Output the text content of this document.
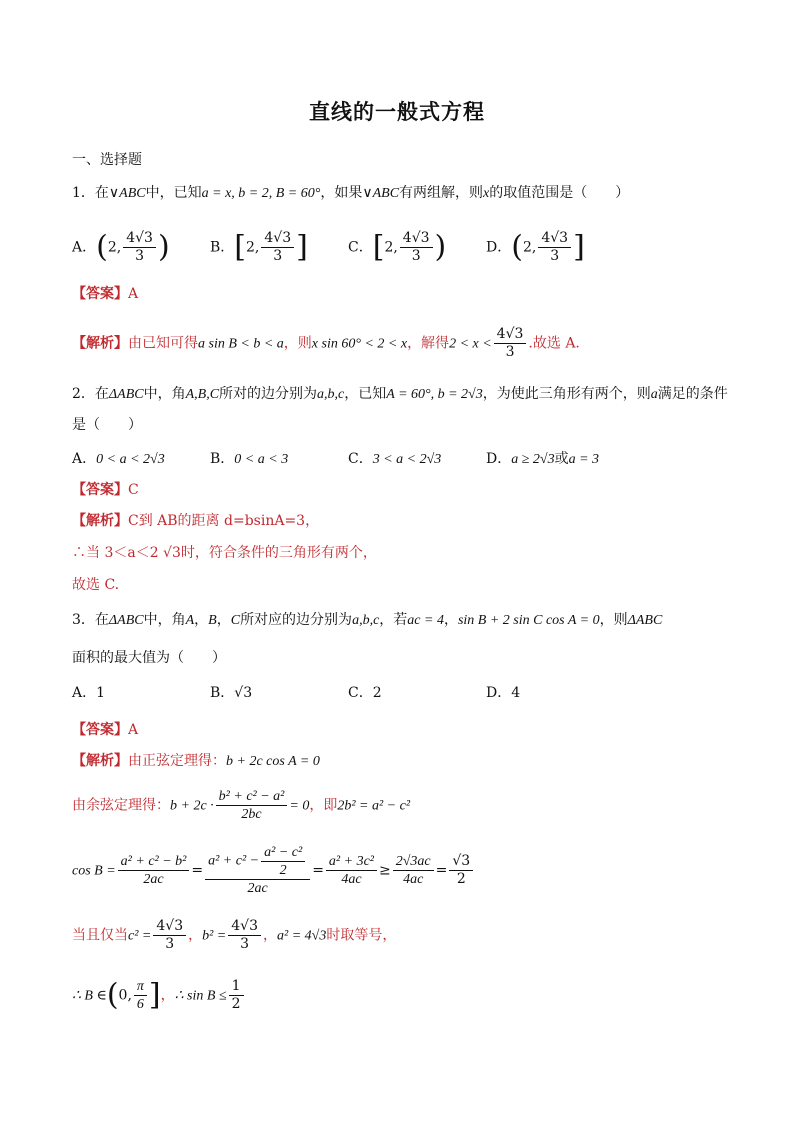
直线的一般式方程
一、选择题
1．在∨ABC中，已知a = x, b = 2, B = 60°，如果∨ABC有两组解，则x的取值范围是（　　）
A．(2, $\frac{4√3}{3}$ )	B．[2, $\frac{4√3}{3}$ ]	C．[2, $\frac{4√3}{3}$ )	D．(2, $\frac{4√3}{3}$ ]
【答案】A
【解析】由已知可得a sin B < b < a，则x sin 60° < 2 < x，解得$2 < x < \frac{4√3}{3}$ .故选 A.
2．在ΔABC中，角A,B,C所对的边分别为a,b,c，已知A = 60°, b = 2√3，为使此三角形有两个，则a满足的条件
是（　　）
A．0 < a < 2√3	B．0 < a < 3	C．3 < a < 2√3	D．a ≥ 2√3或a = 3
【答案】C
【解析】C到 AB的距离 d=bsinA=3，
∴当 3＜a＜2 √3时，符合条件的三角形有两个，
故选 C.
3．在ΔABC中，角A，B，C所对应的边分别为a,b,c，若ac = 4，sin B + 2 sin C cos A = 0，则ΔABC
面积的最大值为（　　）
A．1	B．√3	C．2	D．4
【答案】A
【解析】由正弦定理得：b + 2c cos A = 0
由余弦定理得：$b + 2c \cdot \frac{\text{b² + c² − a²}}{2bc} = 0$，即2b² = a² − c²
$\cos B = \frac{\text{a² + c² − b²}}{2ac} = \frac{a^2 + c^2 - \frac{\text{a² − c²}}{2}}{2ac} = \frac{\text{a² + 3c²}}{4ac} \ge \frac{2√3ac}{4ac} = \frac{√3}{2}$
当且仅当$c^2 = \frac{4√3}{3}$ ，$b^2 = \frac{4√3}{3}$ ，a² = 4√3时取等号，
∴ B ∈(0, $\frac{\pi}{6}$ ]，∴ $\sin B \le \frac{1}{2}$
